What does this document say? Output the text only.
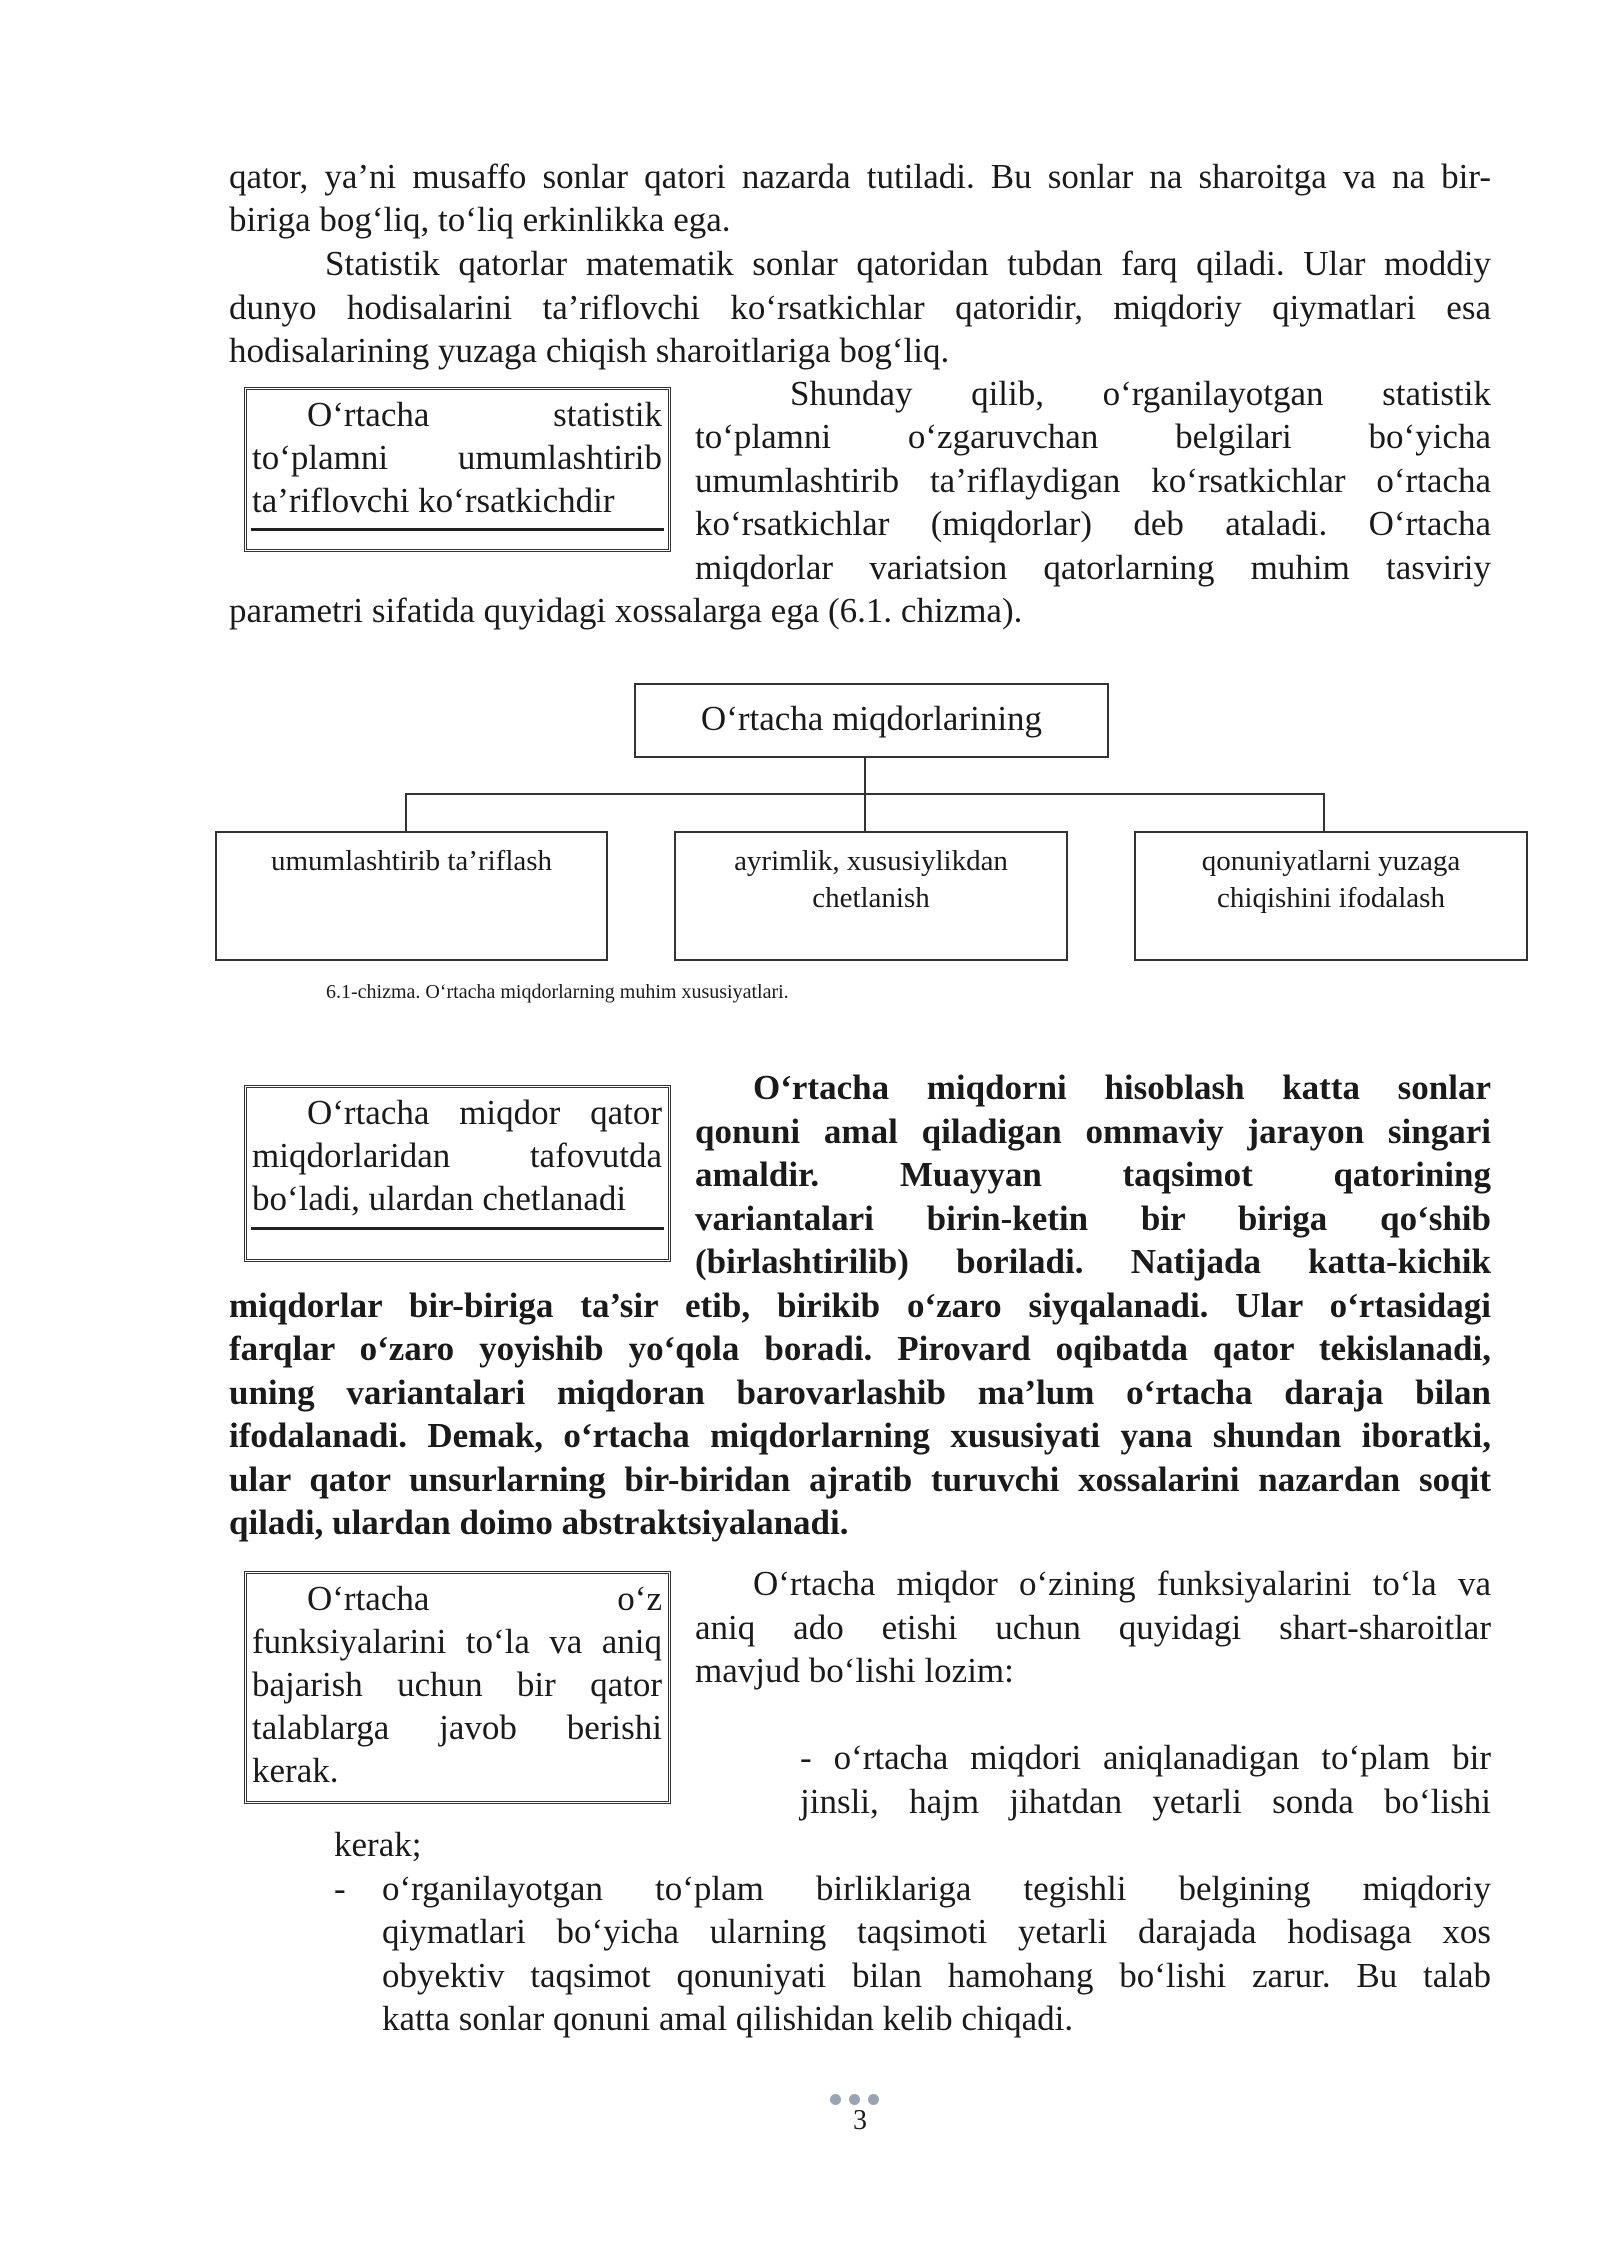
qator, ya’ni musaffo sonlar qatori nazarda tutiladi. Bu sonlar na sharoitga va na bir-
biriga bog‘liq, to‘liq erkinlikka ega.
Statistik qatorlar matematik sonlar qatoridan tubdan farq qiladi. Ular moddiy
dunyo hodisalarini ta’riflovchi ko‘rsatkichlar qatoridir, miqdoriy qiymatlari esa
hodisalarining yuzaga chiqish sharoitlariga bog‘liq.
O‘rtacha statistik
to‘plamni umumlashtirib
ta’riflovchi ko‘rsatkichdir
Shunday qilib, o‘rganilayotgan statistik
to‘plamni o‘zgaruvchan belgilari bo‘yicha
umumlashtirib ta’riflaydigan ko‘rsatkichlar o‘rtacha
ko‘rsatkichlar (miqdorlar) deb ataladi. O‘rtacha
miqdorlar variatsion qatorlarning muhim tasviriy
parametri sifatida quyidagi xossalarga ega (6.1. chizma).
O‘rtacha miqdorlarining
umumlashtirib ta’riflash	ayrimlik, xususiylikdan chetlanish
qonuniyatlarni yuzaga chiqishini ifodalash
6.1-chizma. O‘rtacha miqdorlarning muhim xususiyatlari.
O‘rtacha miqdor qator
miqdorlaridan tafovutda
bo‘ladi, ulardan chetlanadi
O‘rtacha miqdorni hisoblash katta sonlar
qonuni amal qiladigan ommaviy jarayon singari
amaldir. Muayyan taqsimot qatorining
variantalari birin-ketin bir biriga qo‘shib
(birlashtirilib) boriladi. Natijada katta-kichik
miqdorlar bir-biriga ta’sir etib, birikib o‘zaro siyqalanadi. Ular o‘rtasidagi
farqlar o‘zaro yoyishib yo‘qola boradi. Pirovard oqibatda qator tekislanadi,
uning variantalari miqdoran barovarlashib ma’lum o‘rtacha daraja bilan
ifodalanadi. Demak, o‘rtacha miqdorlarning xususiyati yana shundan iboratki,
ular qator unsurlarning bir-biridan ajratib turuvchi xossalarini nazardan soqit
qiladi, ulardan doimo abstraktsiyalanadi.
O‘rtacha o‘z
funksiyalarini to‘la va aniq
bajarish uchun bir qator
talablarga javob berishi
kerak.
O‘rtacha miqdor o‘zining funksiyalarini to‘la va
aniq ado etishi uchun quyidagi shart-sharoitlar
mavjud bo‘lishi lozim:
- o‘rtacha miqdori aniqlanadigan to‘plam bir
jinsli, hajm jihatdan yetarli sonda bo‘lishi
kerak;
- o‘rganilayotgan to‘plam birliklariga tegishli belgining miqdoriy
qiymatlari bo‘yicha ularning taqsimoti yetarli darajada hodisaga xos
obyektiv taqsimot qonuniyati bilan hamohang bo‘lishi zarur. Bu talab
katta sonlar qonuni amal qilishidan kelib chiqadi.
3
